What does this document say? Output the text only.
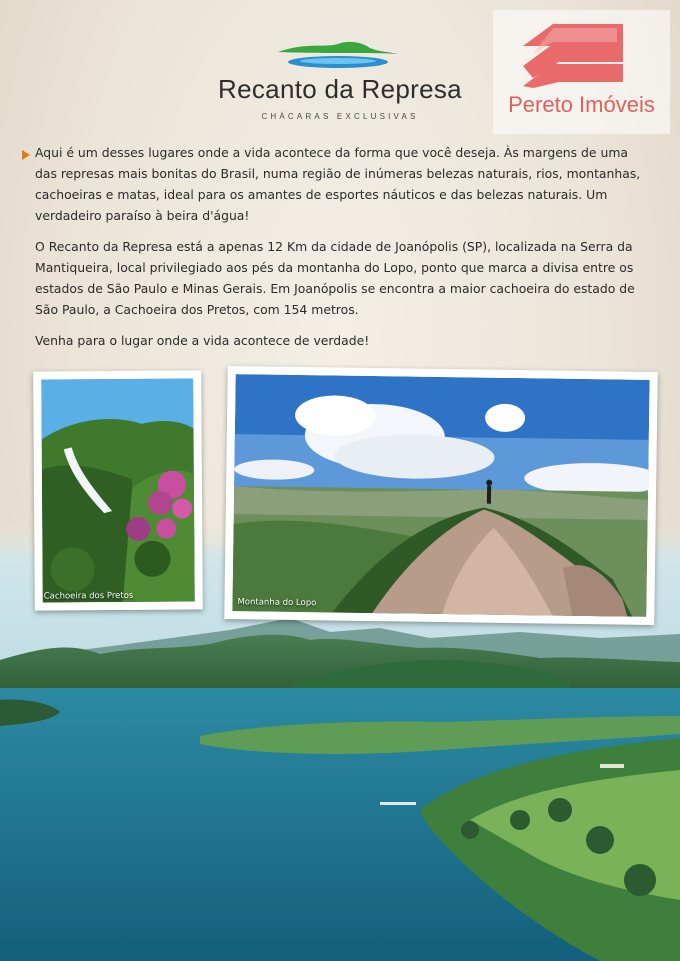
Recanto da Represa
CHÁCARAS EXCLUSIVAS	Pereto Imóveis

Aqui é um desses lugares onde a vida acontece da forma que você deseja. Às margens de uma das represas mais bonitas do Brasil, numa região de inúmeras belezas naturais, rios, montanhas, cachoeiras e matas, ideal para os amantes de esportes náuticos e das belezas naturais. Um verdadeiro paraíso à beira d'água!

O Recanto da Represa está a apenas 12 Km da cidade de Joanópolis (SP), localizada na Serra da Mantiqueira, local privilegiado aos pés da montanha do Lopo, ponto que marca a divisa entre os estados de São Paulo e Minas Gerais. Em Joanópolis se encontra a maior cachoeira do estado de São Paulo, a Cachoeira dos Pretos, com 154 metros.

Venha para o lugar onde a vida acontece de verdade!

Cachoeira dos Pretos
Montanha do Lopo
